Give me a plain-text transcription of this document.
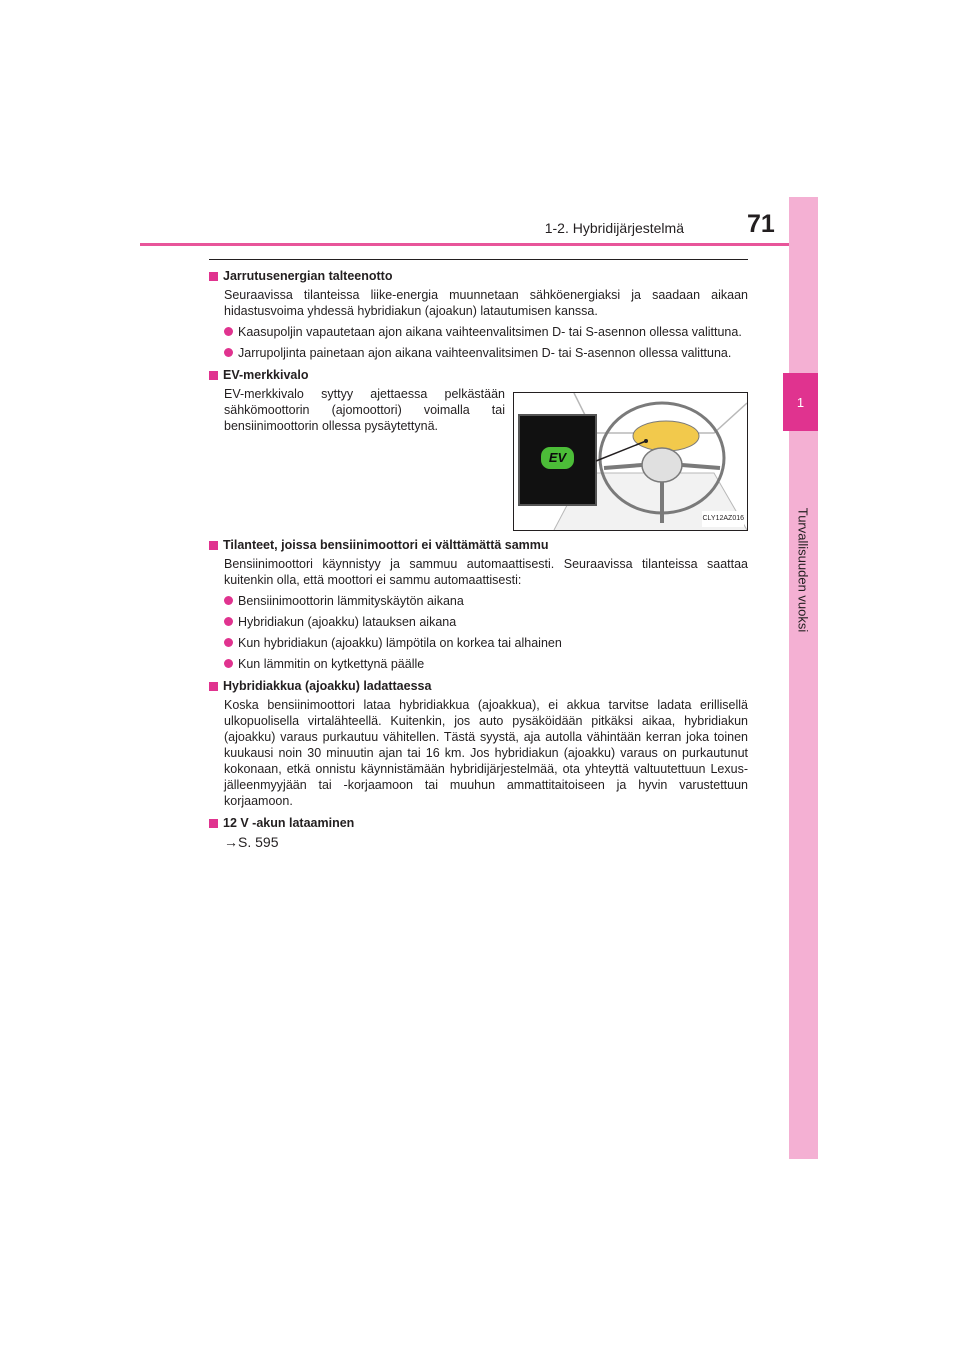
1-2. Hybridijärjestelmä	71
1
Turvallisuuden vuoksi
Jarrutusenergian talteenotto
Seuraavissa tilanteissa liike-energia muunnetaan sähköenergiaksi ja saadaan aikaan hidastusvoima yhdessä hybridiakun (ajoakun) latautumisen kanssa.
Kaasupoljin vapautetaan ajon aikana vaihteenvalitsimen D- tai S-asennon ollessa valittuna.
Jarrupoljinta painetaan ajon aikana vaihteenvalitsimen D- tai S-asennon ollessa valittuna.
EV-merkkivalo
EV-merkkivalo syttyy ajettaessa pelkästään sähkömoottorin (ajomoottori) voimalla tai bensiinimoottorin ollessa pysäytettynä.
EV
CLY12AZ016
Tilanteet, joissa bensiinimoottori ei välttämättä sammu
Bensiinimoottori käynnistyy ja sammuu automaattisesti. Seuraavissa tilanteissa saattaa kuitenkin olla, että moottori ei sammu automaattisesti:
Bensiinimoottorin lämmityskäytön aikana
Hybridiakun (ajoakku) latauksen aikana
Kun hybridiakun (ajoakku) lämpötila on korkea tai alhainen
Kun lämmitin on kytkettynä päälle
Hybridiakkua (ajoakku) ladattaessa
Koska bensiinimoottori lataa hybridiakkua (ajoakkua), ei akkua tarvitse ladata erillisellä ulkopuolisella virtalähteellä. Kuitenkin, jos auto pysäköidään pitkäksi aikaa, hybridiakun (ajoakku) varaus purkautuu vähitellen. Tästä syystä, aja autolla vähintään kerran joka toinen kuukausi noin 30 minuutin ajan tai 16 km. Jos hybridiakun (ajoakku) varaus on purkautunut kokonaan, etkä onnistu käynnistämään hybridijärjestelmää, ota yhteyttä valtuutettuun Lexus-jälleenmyyjään tai -korjaamoon tai muuhun ammattitaitoiseen ja hyvin varustettuun korjaamoon.
12 V -akun lataaminen
→S. 595
